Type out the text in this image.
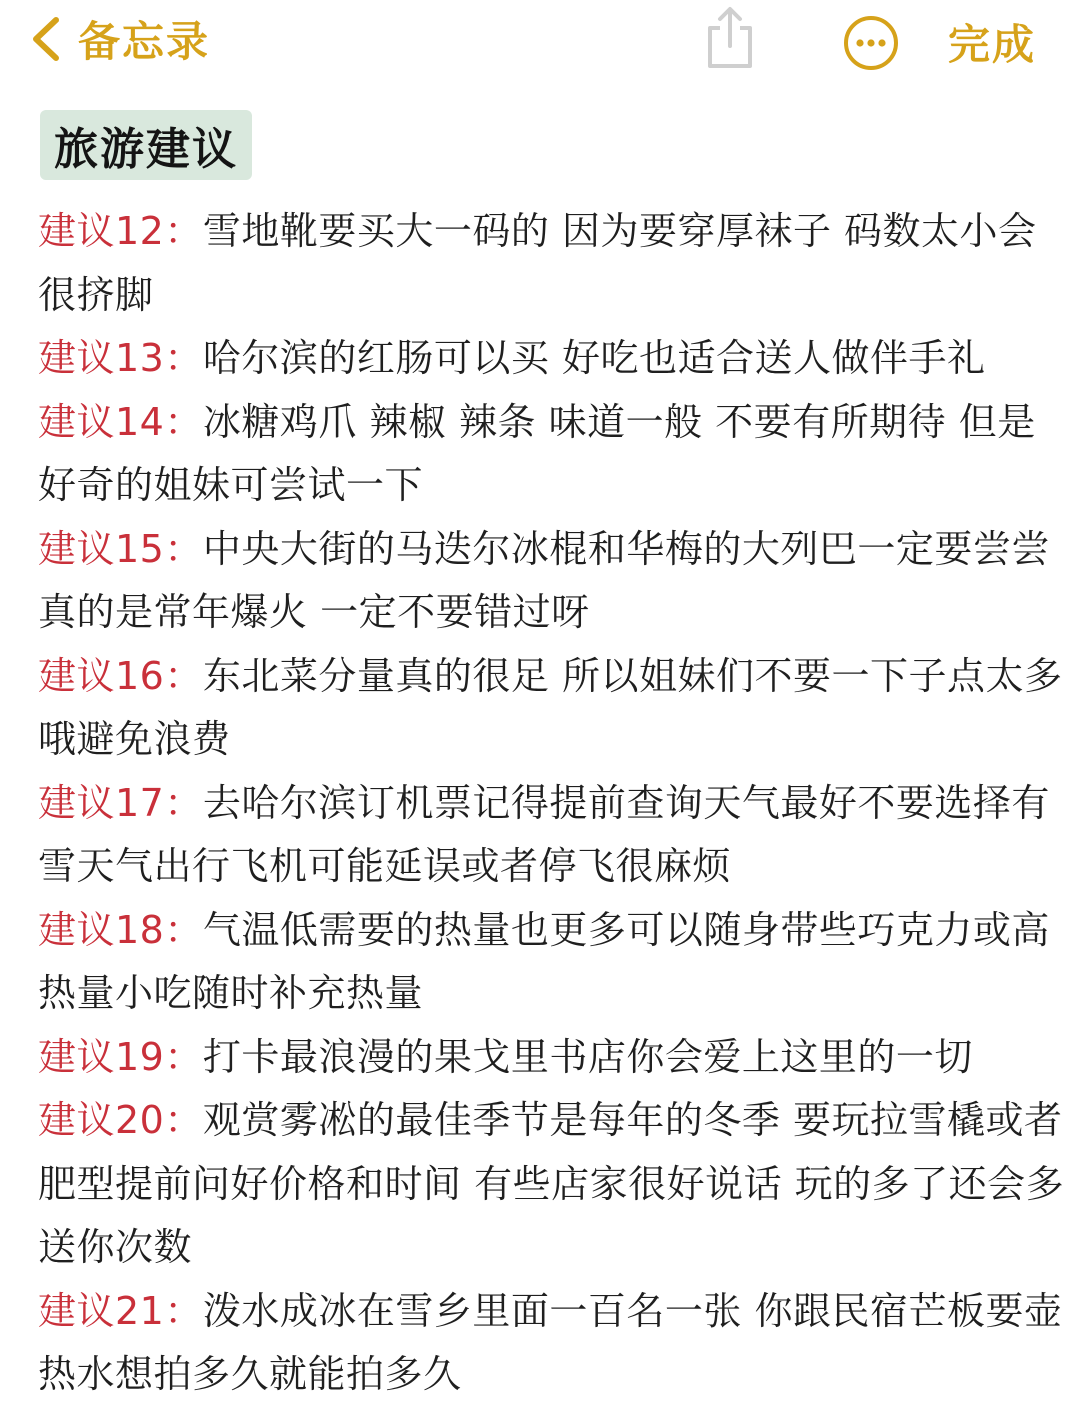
备忘录	完成
旅游建议
建议12：雪地靴要买大一码的 因为要穿厚袜子 码数太小会很挤脚
建议13：哈尔滨的红肠可以买 好吃也适合送人做伴手礼
建议14：冰糖鸡爪 辣椒 辣条 味道一般 不要有所期待 但是好奇的姐妹可尝试一下
建议15：中央大街的马迭尔冰棍和华梅的大列巴一定要尝尝真的是常年爆火 一定不要错过呀
建议16：东北菜分量真的很足 所以姐妹们不要一下子点太多哦避免浪费
建议17：去哈尔滨订机票记得提前查询天气最好不要选择有雪天气出行飞机可能延误或者停飞很麻烦
建议18：气温低需要的热量也更多可以随身带些巧克力或高热量小吃随时补充热量
建议19：打卡最浪漫的果戈里书店你会爱上这里的一切
建议20：观赏雾凇的最佳季节是每年的冬季 要玩拉雪橇或者肥型提前问好价格和时间 有些店家很好说话 玩的多了还会多送你次数
建议21：泼水成冰在雪乡里面一百名一张 你跟民宿芒板要壶热水想拍多久就能拍多久
